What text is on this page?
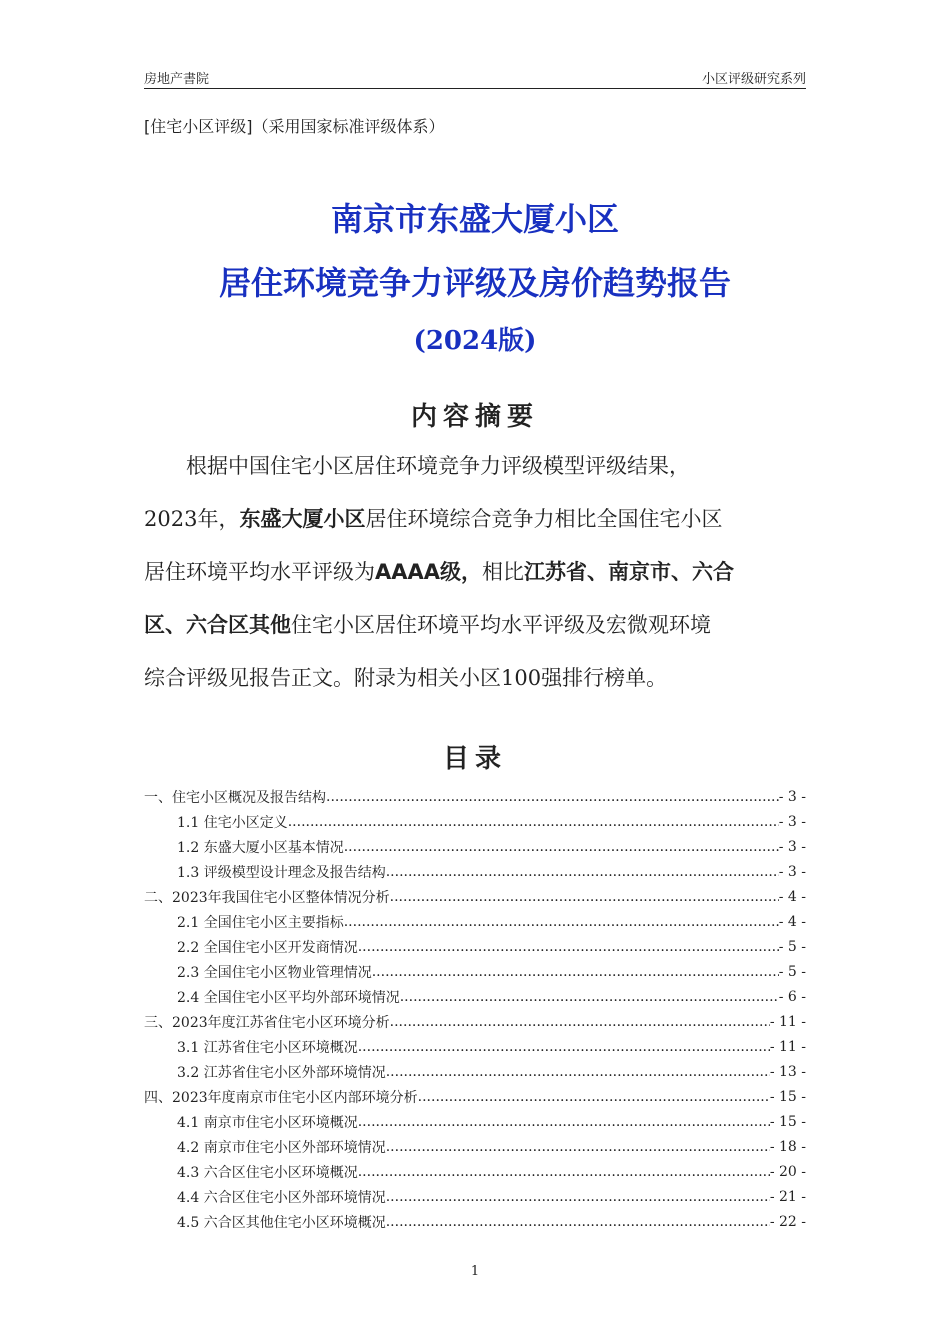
房地产書院	小区评级研究系列
[住宅小区评级]（采用国家标准评级体系）
南京市东盛大厦小区
居住环境竞争力评级及房价趋势报告
(2024版)
内容摘要

根据中国住宅小区居住环境竞争力评级模型评级结果，

2023年，东盛大厦小区居住环境综合竞争力相比全国住宅小区

居住环境平均水平评级为AAAA级，相比江苏省、南京市、六合

区、六合区其他住宅小区居住环境平均水平评级及宏微观环境

综合评级见报告正文。附录为相关小区100强排行榜单。

目录
一、住宅小区概况及报告结构 .....	- 3 -
1.1 住宅小区定义 .....	- 3 -
1.2 东盛大厦小区基本情况 .....	- 3 -
1.3 评级模型设计理念及报告结构 .....	- 3 -
二、2023年我国住宅小区整体情况分析 .....	- 4 -
2.1 全国住宅小区主要指标 .....	- 4 -
2.2 全国住宅小区开发商情况 .....	- 5 -
2.3 全国住宅小区物业管理情况 .....	- 5 -
2.4 全国住宅小区平均外部环境情况 .....	- 6 -
三、2023年度江苏省住宅小区环境分析 .....	- 11 -
3.1 江苏省住宅小区环境概况 .....	- 11 -
3.2 江苏省住宅小区外部环境情况 .....	- 13 -
四、2023年度南京市住宅小区内部环境分析 .....	- 15 -
4.1 南京市住宅小区环境概况 .....	- 15 -
4.2 南京市住宅小区外部环境情况 .....	- 18 -
4.3 六合区住宅小区环境概况 .....	- 20 -
4.4 六合区住宅小区外部环境情况 .....	- 21 -
4.5 六合区其他住宅小区环境概况 .....	- 22 -
1
